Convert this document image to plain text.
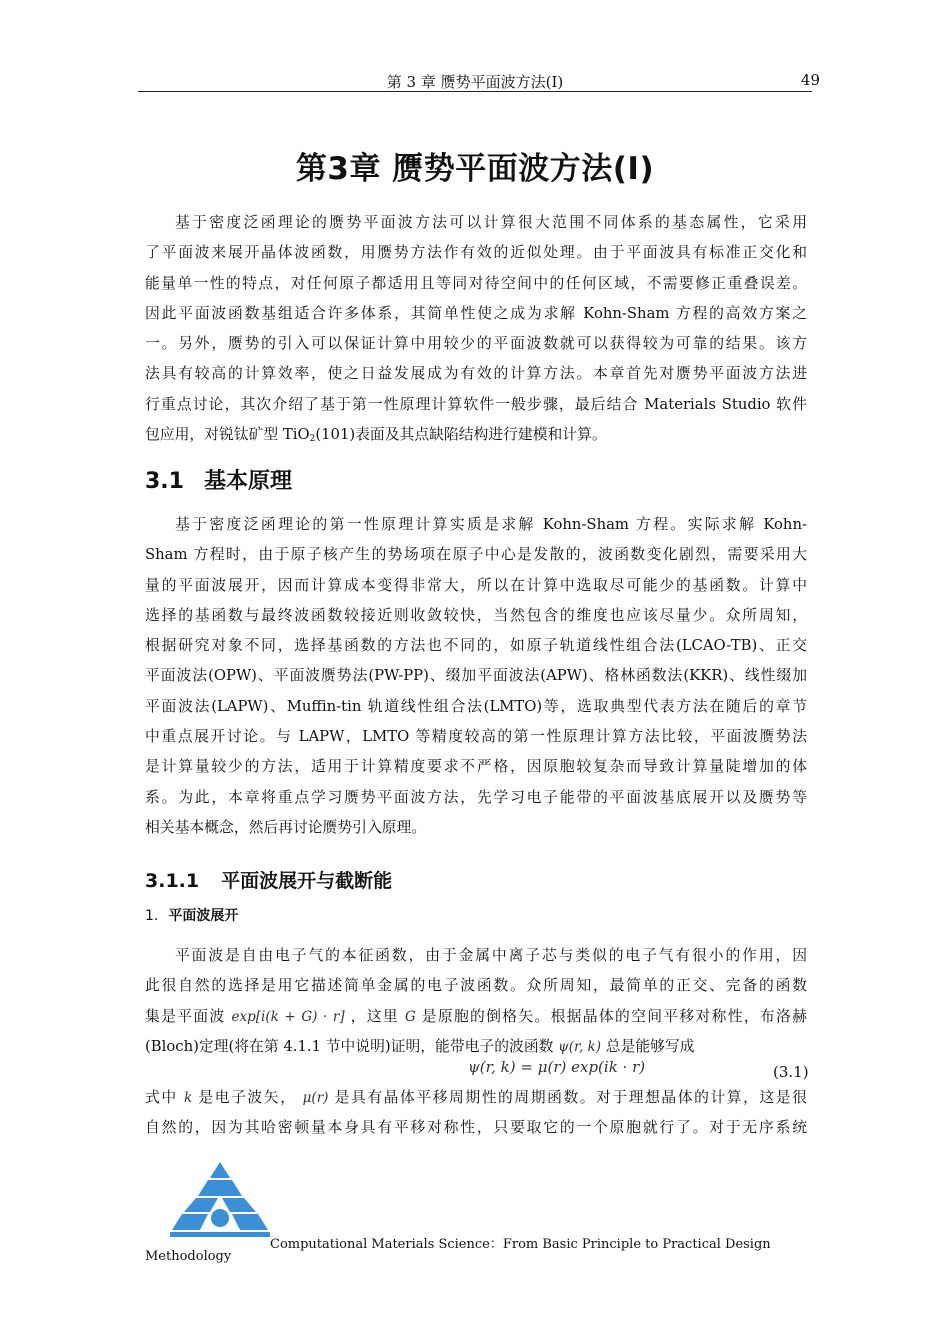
第 3 章 赝势平面波方法(I)	49
第3章 赝势平面波方法(I)
基于密度泛函理论的赝势平面波方法可以计算很大范围不同体系的基态属性，它采用
了平面波来展开晶体波函数，用赝势方法作有效的近似处理。由于平面波具有标准正交化和
能量单一性的特点，对任何原子都适用且等同对待空间中的任何区域，不需要修正重叠误差。
因此平面波函数基组适合许多体系，其简单性使之成为求解 Kohn-Sham 方程的高效方案之
一。另外，赝势的引入可以保证计算中用较少的平面波数就可以获得较为可靠的结果。该方
法具有较高的计算效率，使之日益发展成为有效的计算方法。本章首先对赝势平面波方法进
行重点讨论，其次介绍了基于第一性原理计算软件一般步骤，最后结合 Materials Studio 软件
包应用，对锐钛矿型 TiO$_2$(101)表面及其点缺陷结构进行建模和计算。
3.1 基本原理
基于密度泛函理论的第一性原理计算实质是求解 Kohn-Sham 方程。实际求解 Kohn-
Sham 方程时，由于原子核产生的势场项在原子中心是发散的，波函数变化剧烈，需要采用大
量的平面波展开，因而计算成本变得非常大，所以在计算中选取尽可能少的基函数。计算中
选择的基函数与最终波函数较接近则收敛较快，当然包含的维度也应该尽量少。众所周知，
根据研究对象不同，选择基函数的方法也不同的，如原子轨道线性组合法(LCAO-TB)、正交
平面波法(OPW)、平面波赝势法(PW-PP)、缀加平面波法(APW)、格林函数法(KKR)、线性缀加
平面波法(LAPW)、Muffin-tin 轨道线性组合法(LMTO)等，选取典型代表方法在随后的章节
中重点展开讨论。与 LAPW，LMTO 等精度较高的第一性原理计算方法比较，平面波赝势法
是计算量较少的方法，适用于计算精度要求不严格，因原胞较复杂而导致计算量陡增加的体
系。为此，本章将重点学习赝势平面波方法，先学习电子能带的平面波基底展开以及赝势等
相关基本概念，然后再讨论赝势引入原理。
3.1.1 平面波展开与截断能
1. 平面波展开
平面波是自由电子气的本征函数，由于金属中离子芯与类似的电子气有很小的作用，因
此很自然的选择是用它描述简单金属的电子波函数。众所周知，最简单的正交、完备的函数
集是平面波 exp[i(k + G) · r] ，这里 G 是原胞的倒格矢。根据晶体的空间平移对称性，布洛赫
(Bloch)定理(将在第 4.1.1 节中说明)证明，能带电子的波函数 ψ(r, k) 总是能够写成
ψ(r, k) = μ(r) exp(ik · r)	(3.1)
式中 k 是电子波矢， μ(r) 是具有晶体平移周期性的周期函数。对于理想晶体的计算，这是很
自然的，因为其哈密顿量本身具有平移对称性，只要取它的一个原胞就行了。对于无序系统
Computational Materials Science：From Basic Principle to Practical Design
Methodology
